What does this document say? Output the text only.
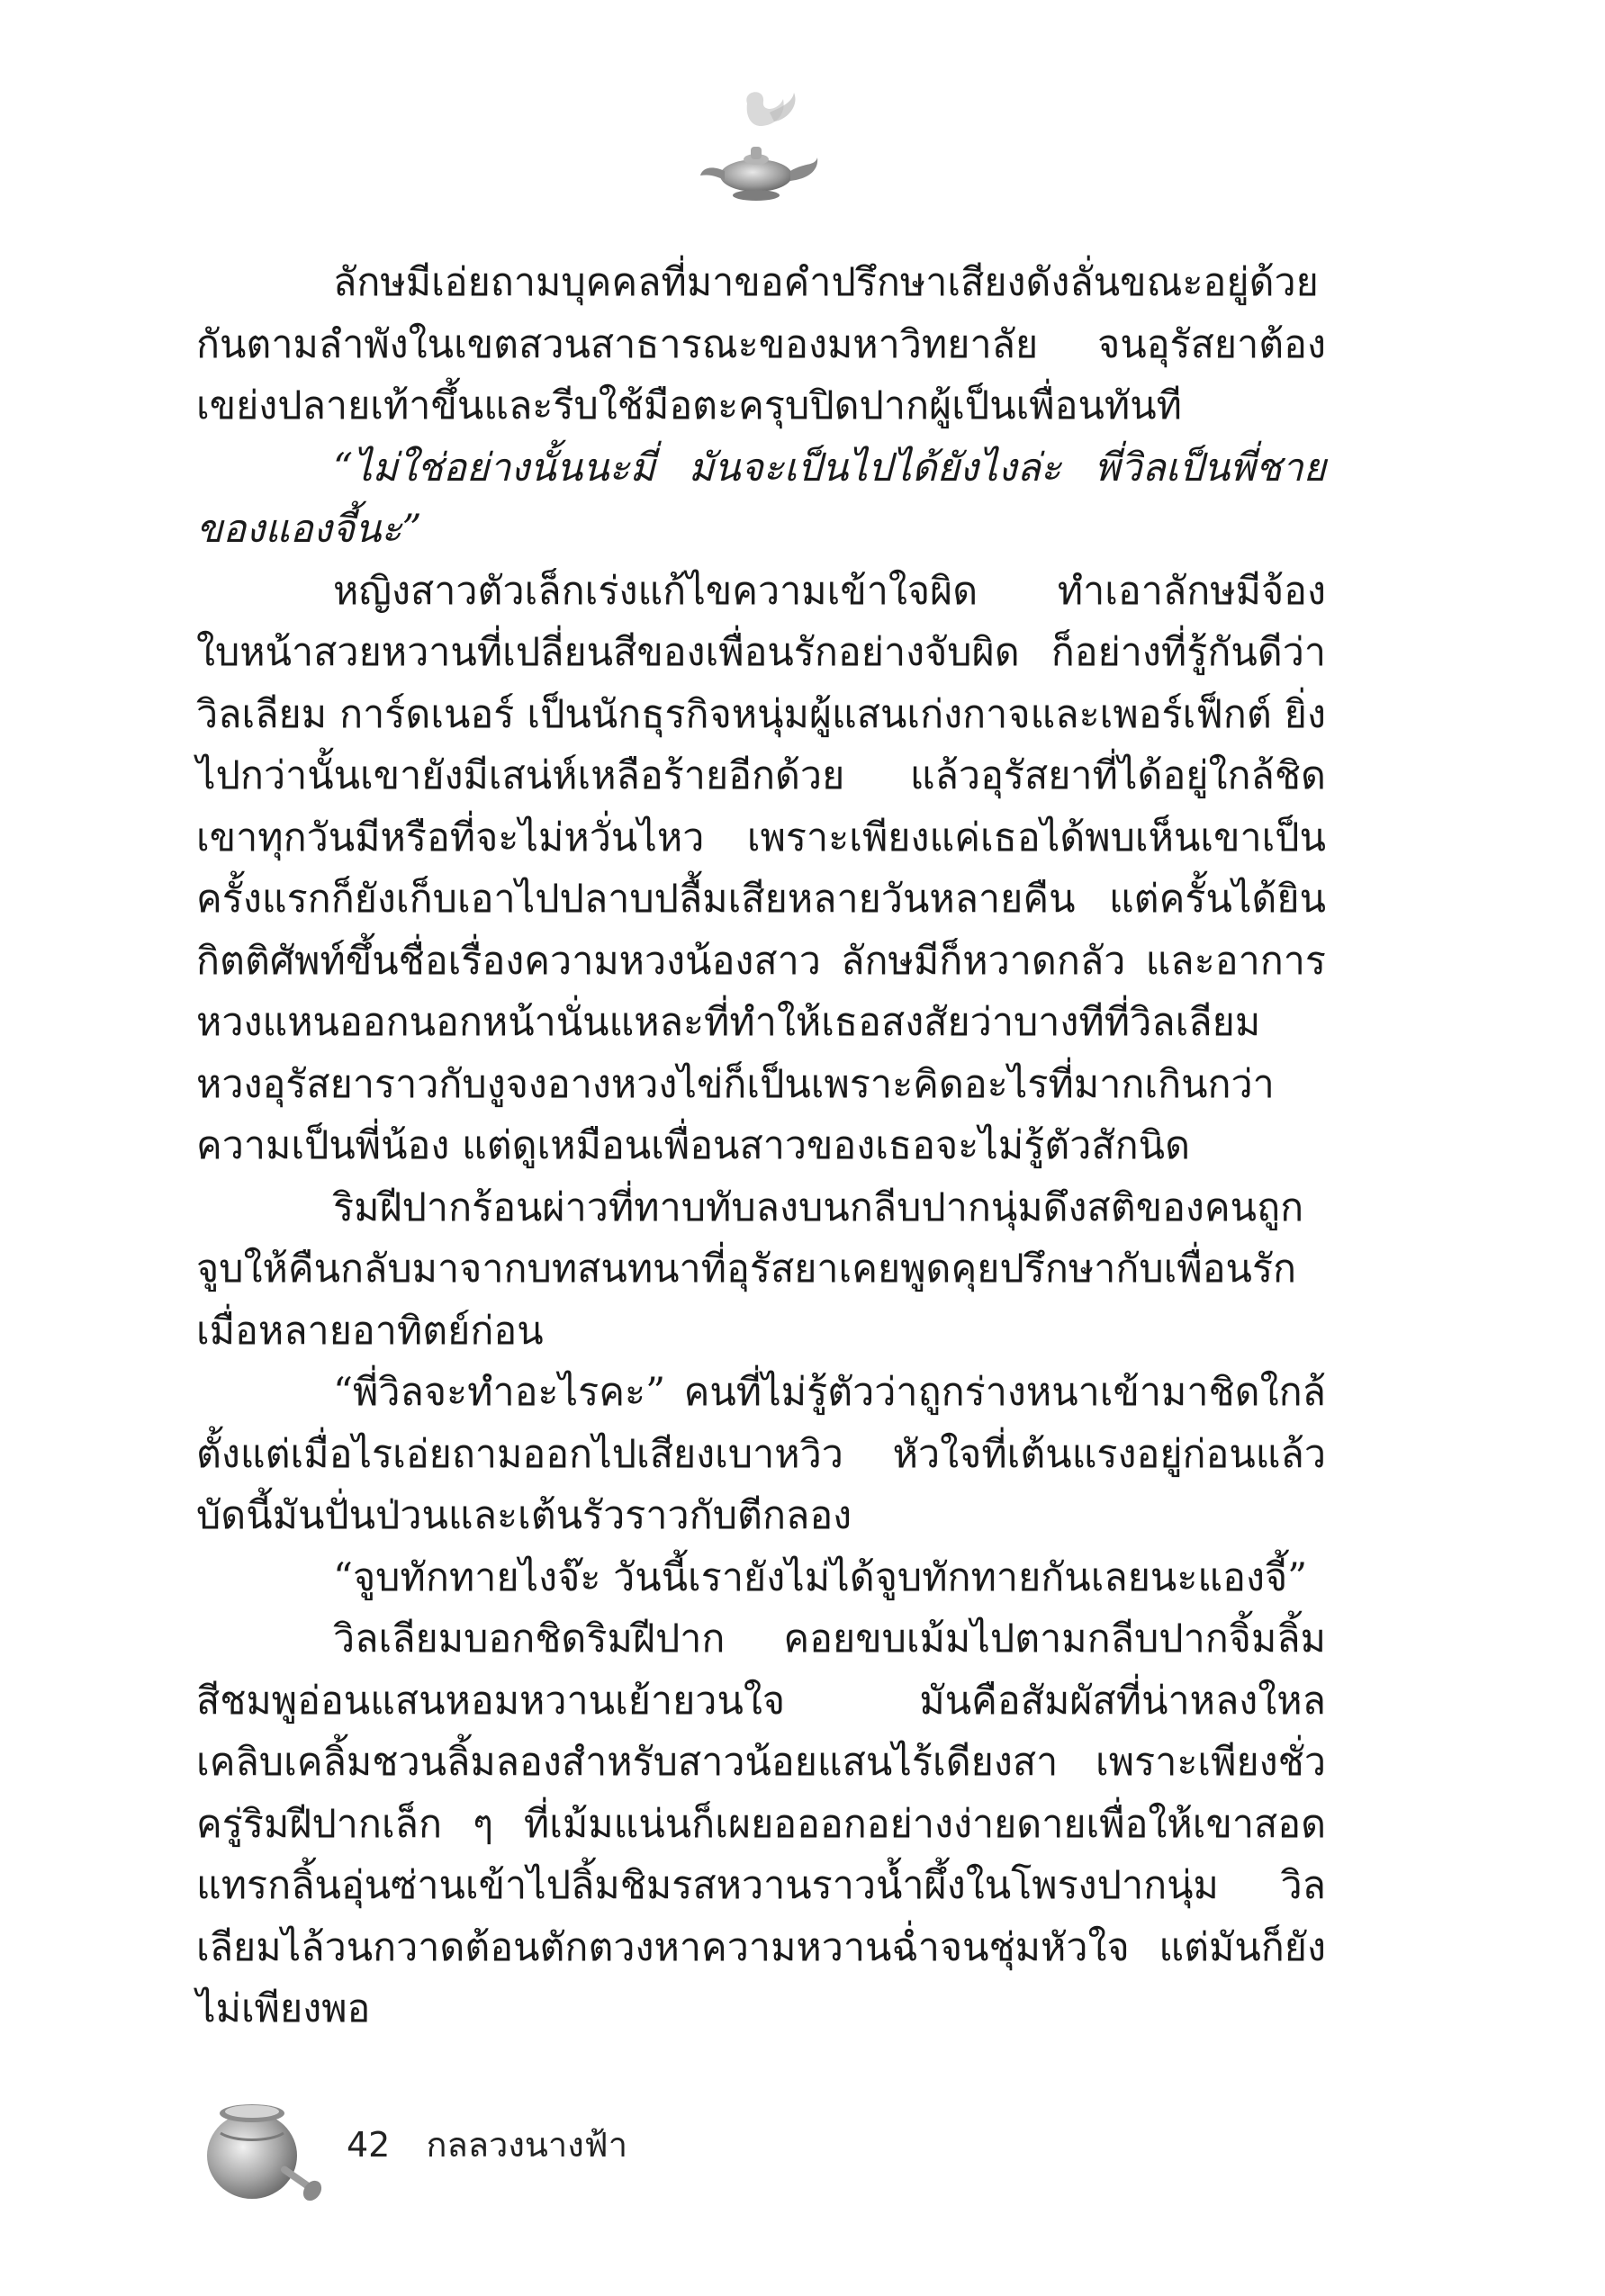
ลักษมีเอ่ยถามบุคคลที่มาขอคำปรึกษาเสียงดังลั่นขณะอยู่ด้วยกันตามลำพังในเขตสวนสาธารณะของมหาวิทยาลัย จนอุรัสยาต้องเขย่งปลายเท้าขึ้นและรีบใช้มือตะครุบปิดปากผู้เป็นเพื่อนทันที

“ไม่ใช่อย่างนั้นนะมี่ มันจะเป็นไปได้ยังไงล่ะ พี่วิลเป็นพี่ชายของแองจี้นะ”

หญิงสาวตัวเล็กเร่งแก้ไขความเข้าใจผิด ทำเอาลักษมีจ้องใบหน้าสวยหวานที่เปลี่ยนสีของเพื่อนรักอย่างจับผิด ก็อย่างที่รู้กันดีว่า วิลเลียม การ์ดเนอร์ เป็นนักธุรกิจหนุ่มผู้แสนเก่งกาจและเพอร์เฟ็กต์ ยิ่งไปกว่านั้นเขายังมีเสน่ห์เหลือร้ายอีกด้วย แล้วอุรัสยาที่ได้อยู่ใกล้ชิดเขาทุกวันมีหรือที่จะไม่หวั่นไหว เพราะเพียงแค่เธอได้พบเห็นเขาเป็นครั้งแรกก็ยังเก็บเอาไปปลาบปลื้มเสียหลายวันหลายคืน แต่ครั้นได้ยินกิตติศัพท์ขึ้นชื่อเรื่องความหวงน้องสาว ลักษมีก็หวาดกลัว และอาการหวงแหนออกนอกหน้านั่นแหละที่ทำให้เธอสงสัยว่าบางทีที่วิลเลียมหวงอุรัสยาราวกับงูจงอางหวงไข่ก็เป็นเพราะคิดอะไรที่มากเกินกว่าความเป็นพี่น้อง แต่ดูเหมือนเพื่อนสาวของเธอจะไม่รู้ตัวสักนิด

ริมฝีปากร้อนผ่าวที่ทาบทับลงบนกลีบปากนุ่มดึงสติของคนถูกจูบให้คืนกลับมาจากบทสนทนาที่อุรัสยาเคยพูดคุยปรึกษากับเพื่อนรักเมื่อหลายอาทิตย์ก่อน

“พี่วิลจะทำอะไรคะ” คนที่ไม่รู้ตัวว่าถูกร่างหนาเข้ามาชิดใกล้ตั้งแต่เมื่อไรเอ่ยถามออกไปเสียงเบาหวิว หัวใจที่เต้นแรงอยู่ก่อนแล้วบัดนี้มันปั่นป่วนและเต้นรัวราวกับตีกลอง

“จูบทักทายไงจ๊ะ วันนี้เรายังไม่ได้จูบทักทายกันเลยนะแองจี้”

วิลเลียมบอกชิดริมฝีปาก คอยขบเม้มไปตามกลีบปากจิ้มลิ้มสีชมพูอ่อนแสนหอมหวานเย้ายวนใจ มันคือสัมผัสที่น่าหลงใหลเคลิบเคลิ้มชวนลิ้มลองสำหรับสาวน้อยแสนไร้เดียงสา เพราะเพียงชั่วครู่ริมฝีปากเล็ก ๆ ที่เม้มแน่นก็เผยอออกอย่างง่ายดายเพื่อให้เขาสอดแทรกลิ้นอุ่นซ่านเข้าไปลิ้มชิมรสหวานราวน้ำผึ้งในโพรงปากนุ่ม วิลเลียมไล้วนกวาดต้อนตักตวงหาความหวานฉ่ำจนชุ่มหัวใจ แต่มันก็ยังไม่เพียงพอ

42 กลลวงนางฟ้า
